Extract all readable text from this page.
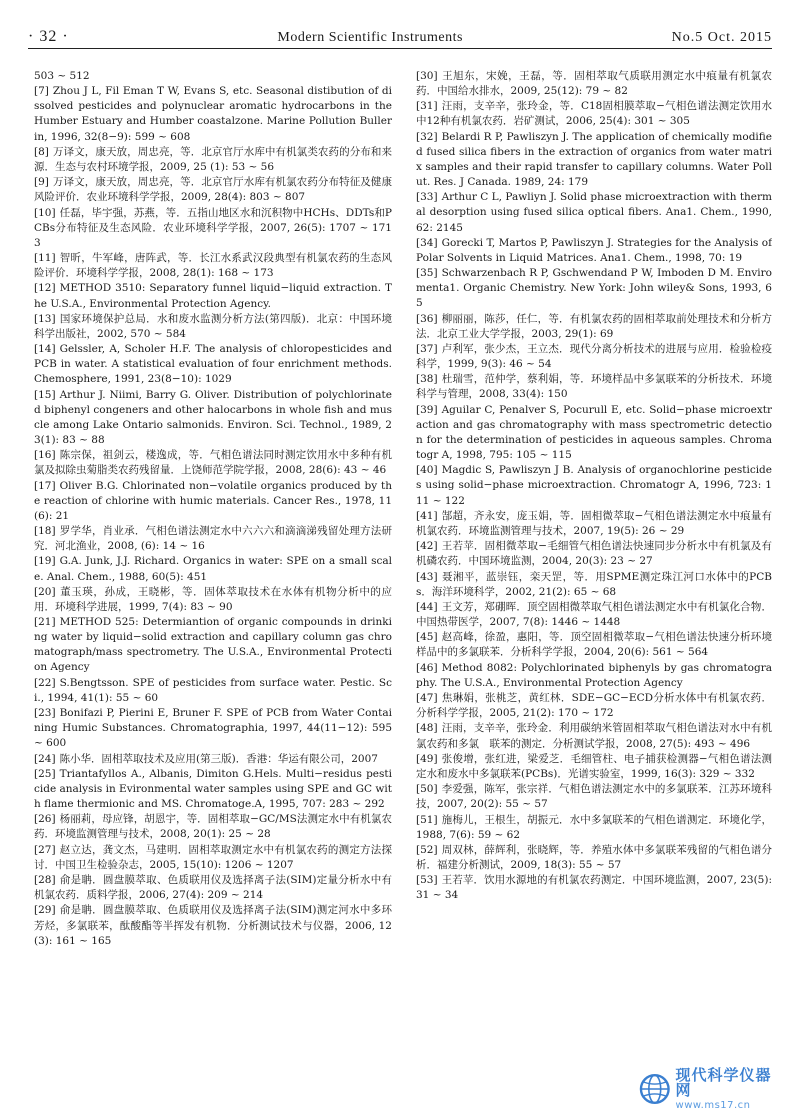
· 32 ·	Modern Scientific Instruments	No.5 Oct. 2015

503 ~ 512

[7] Zhou J L, Fil Eman T W, Evans S, etc. Seasonal distibution of dissolved pesticides and polynuclear aromatic hydrocarbons in the Humber Estuary and Humber coastalzone. Marine Pollution Bullerin, 1996, 32(8−9): 599 ~ 608

[8] 万译文，康天放，周忠亮，等．北京官厅水库中有机氯类农药的分布和来源．生态与农村环境学报，2009, 25 (1): 53 ~ 56

[9] 万译文，康天放，周忠亮，等．北京官厅水库有机氯农药分布特征及健康风险评价．农业环境科学学报，2009, 28(4): 803 ~ 807

[10] 任磊，毕宇强，苏燕，等．五指山地区水和沉积物中HCHs、DDTs和PCBs分布特征及生态风险．农业环境科学学报，2007, 26(5): 1707 ~ 1713

[11] 智昕，牛军峰，唐阵武，等．长江水系武汉段典型有机氯农药的生态风险评价．环境科学学报，2008, 28(1): 168 ~ 173

[12] METHOD 3510: Separatory funnel liquid−liquid extraction. The U.S.A., Environmental Protection Agency.

[13] 国家环境保护总局．水和废水监测分析方法(第四版)．北京：中国环境科学出版社，2002, 570 ~ 584

[14] Gelssler, A, Scholer H.F. The analysis of chloropesticides and PCB in water. A statistical evaluation of four enrichment methods. Chemosphere, 1991, 23(8−10): 1029

[15] Arthur J. Niimi, Barry G. Oliver. Distribution of polychlorinated biphenyl congeners and other halocarbons in whole fish and muscle among Lake Ontario salmonids. Environ. Sci. Technol., 1989, 23(1): 83 ~ 88

[16] 陈宗保，祖剑云，楼逸成，等．气相色谱法同时测定饮用水中多种有机氯及拟除虫菊脂类农药残留量．上饶师范学院学报，2008, 28(6): 43 ~ 46

[17] Oliver B.G. Chlorinated non−volatile organics produced by the reaction of chlorine with humic materials. Cancer Res., 1978, 11(6): 21

[18] 罗学华，肖业承．气相色谱法测定水中六六六和滴滴涕残留处理方法研究．河北渔业，2008, (6): 14 ~ 16

[19] G.A. Junk, J.J. Richard. Organics in water: SPE on a small scale. Anal. Chem., 1988, 60(5): 451

[20] 董玉瑛，孙成，王晓彬，等．固体萃取技术在水体有机物分析中的应用．环境科学进展，1999, 7(4): 83 ~ 90

[21] METHOD 525: Determiantion of organic compounds in drinking water by liquid−solid extraction and capillary column gas chromatograph/mass spectrometry. The U.S.A., Environmental Protection Agency

[22] S.Bengtsson. SPE of pesticides from surface water. Pestic. Sci., 1994, 41(1): 55 ~ 60

[23] Bonifazi P, Pierini E, Bruner F. SPE of PCB from Water Containing Humic Substances. Chromatographia, 1997, 44(11−12): 595 ~ 600

[24] 陈小华．固相萃取技术及应用(第三版)．香港：华运有限公司，2007

[25] Triantafyllos A., Albanis, Dimiton G.Hels. Multi−residus pesticide analysis in Evironmental water samples using SPE and GC with flame thermionic and MS. Chromatoge.A, 1995, 707: 283 ~ 292

[26] 杨丽莉，母应锋，胡恩宇，等．固相萃取−GC/MS法测定水中有机氯农药．环境监测管理与技术，2008, 20(1): 25 ~ 28

[27] 赵立达，龚文杰，马建明．固相萃取测定水中有机氯农药的测定方法探讨．中国卫生检验杂志，2005, 15(10): 1206 ~ 1207

[28] 俞是聃．圆盘膜萃取、色质联用仪及选择离子法(SIM)定量分析水中有机氯农药．质料学报，2006, 27(4): 209 ~ 214

[29] 俞是聃．圆盘膜萃取、色质联用仪及选择离子法(SIM)测定河水中多环芳烃，多氯联苯，酞酸酯等半挥发有机物．分析测试技术与仪器，2006, 12(3): 161 ~ 165

[30] 王旭东，宋娩，王磊，等．固相萃取气质联用测定水中痕量有机氯农药．中国给水排水，2009, 25(12): 79 ~ 82

[31] 汪雨，支辛辛，张玲金，等．C18固相膜萃取−气相色谱法测定饮用水中12种有机氯农药．岩矿测试，2006, 25(4): 301 ~ 305

[32] Belardi R P, Pawliszyn J. The application of chemically modified fused silica fibers in the extraction of organics from water matrix samples and their rapid transfer to capillary columns. Water Pollut. Res. J Canada. 1989, 24: 179

[33] Arthur C L, Pawliyn J. Solid phase microextraction with thermal desorption using fused silica optical fibers. Ana1. Chem., 1990, 62: 2145

[34] Gorecki T, Martos P, Pawliszyn J. Strategies for the Analysis of Polar Solvents in Liquid Matrices. Ana1. Chem., 1998, 70: 19

[35] Schwarzenbach R P, Gschwendand P W, Imboden D M. Enviromenta1. Organic Chemistry. New York: John wiley& Sons, 1993, 65

[36] 柳丽丽，陈莎，任仁，等．有机氯农药的固相萃取前处理技术和分析方法．北京工业大学学报，2003, 29(1): 69

[37] 卢利军，张少杰，王立杰．现代分离分析技术的进展与应用．检验检疫科学，1999, 9(3): 46 ~ 54

[38] 杜瑞雪，范仲学，蔡利娟，等．环境样品中多氯联苯的分析技术．环境科学与管理，2008, 33(4): 150

[39] Aguilar C, Penalver S, Pocurull E, etc. Solid−phase microextraction and gas chromatography with mass spectrometric detection for the determination of pesticides in aqueous samples. Chromatogr A, 1998, 795: 105 ~ 115

[40] Magdic S, Pawliszyn J B. Analysis of organochlorine pesticides using solid−phase microextraction. Chromatogr A, 1996, 723: 111 ~ 122

[41] 郜超，齐永安，庞玉娟，等．固相微萃取−气相色谱法测定水中痕量有机氯农药．环境监测管理与技术，2007, 19(5): 26 ~ 29

[42] 王若苹．固相微萃取−毛细管气相色谱法快速同步分析水中有机氯及有机磷农药．中国环境监测，2004, 20(3): 23 ~ 27

[43] 聂湘平，蓝崇钰，栾天罡，等．用SPME测定珠江河口水体中的PCBs．海洋环境科学，2002, 21(2): 65 ~ 68

[44] 王文芳，郑硼晖．顶空固相微萃取气相色谱法测定水中有机氯化合物．中国热带医学，2007, 7(8): 1446 ~ 1448

[45] 赵高峰，徐盈，惠阳，等．顶空固相微萃取−气相色谱法快速分析环境样品中的多氯联苯．分析科学学报，2004, 20(6): 561 ~ 564

[46] Method 8082: Polychlorinated biphenyls by gas chromatography. The U.S.A., Environmental Protection Agency

[47] 焦琳娟，张桃芝，黄红林．SDE−GC−ECD分析水体中有机氯农药．分析科学学报，2005, 21(2): 170 ~ 172

[48] 汪雨，支辛辛，张玲金．利用碳纳米管固相萃取气相色谱法对水中有机氯农药和多氯　联苯的测定．分析测试学报，2008, 27(5): 493 ~ 496

[49] 张俊增，张红进，梁爱芝．毛细管柱、电子捕获检测器−气相色谱法测定水和废水中多氯联苯(PCBs)．光谱实验室，1999, 16(3): 329 ~ 332

[50] 李爱强，陈军，张宗祥．气相色谱法测定水中的多氯联苯．江苏环境科技，2007, 20(2): 55 ~ 57

[51] 施梅儿，王根生，胡振元．水中多氯联苯的气相色谱测定．环境化学，1988, 7(6): 59 ~ 62

[52] 周双林，薛辉利，张晓辉，等．养殖水体中多氯联苯残留的气相色谱分析．福建分析测试，2009, 18(3): 55 ~ 57

[53] 王若苹．饮用水源地的有机氯农药测定．中国环境监测，2007, 23(5): 31 ~ 34

现代科学仪器网
www.ms17.cn
